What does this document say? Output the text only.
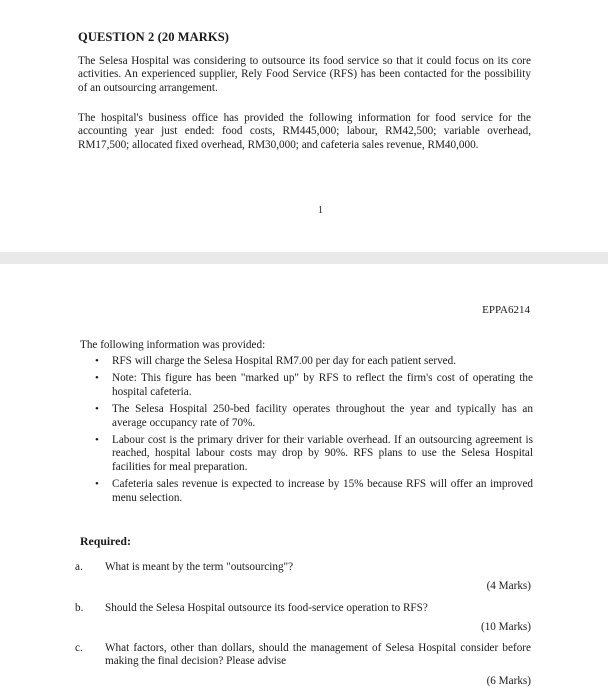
QUESTION 2 (20 MARKS)
The Selesa Hospital was considering to outsource its food service so that it could focus on its core activities. An experienced supplier, Rely Food Service (RFS) has been contacted for the possibility of an outsourcing arrangement.
The hospital's business office has provided the following information for food service for the accounting year just ended: food costs, RM445,000; labour, RM42,500; variable overhead, RM17,500; allocated fixed overhead, RM30,000; and cafeteria sales revenue, RM40,000.
1
EPPA6214
The following information was provided:
• RFS will charge the Selesa Hospital RM7.00 per day for each patient served.
• Note: This figure has been "marked up" by RFS to reflect the firm's cost of operating the hospital cafeteria.
• The Selesa Hospital 250-bed facility operates throughout the year and typically has an average occupancy rate of 70%.
• Labour cost is the primary driver for their variable overhead. If an outsourcing agreement is reached, hospital labour costs may drop by 90%. RFS plans to use the Selesa Hospital facilities for meal preparation.
• Cafeteria sales revenue is expected to increase by 15% because RFS will offer an improved menu selection.
Required:
a. What is meant by the term "outsourcing"?
(4 Marks)
b. Should the Selesa Hospital outsource its food-service operation to RFS?
(10 Marks)
c. What factors, other than dollars, should the management of Selesa Hospital consider before making the final decision? Please advise
(6 Marks)
